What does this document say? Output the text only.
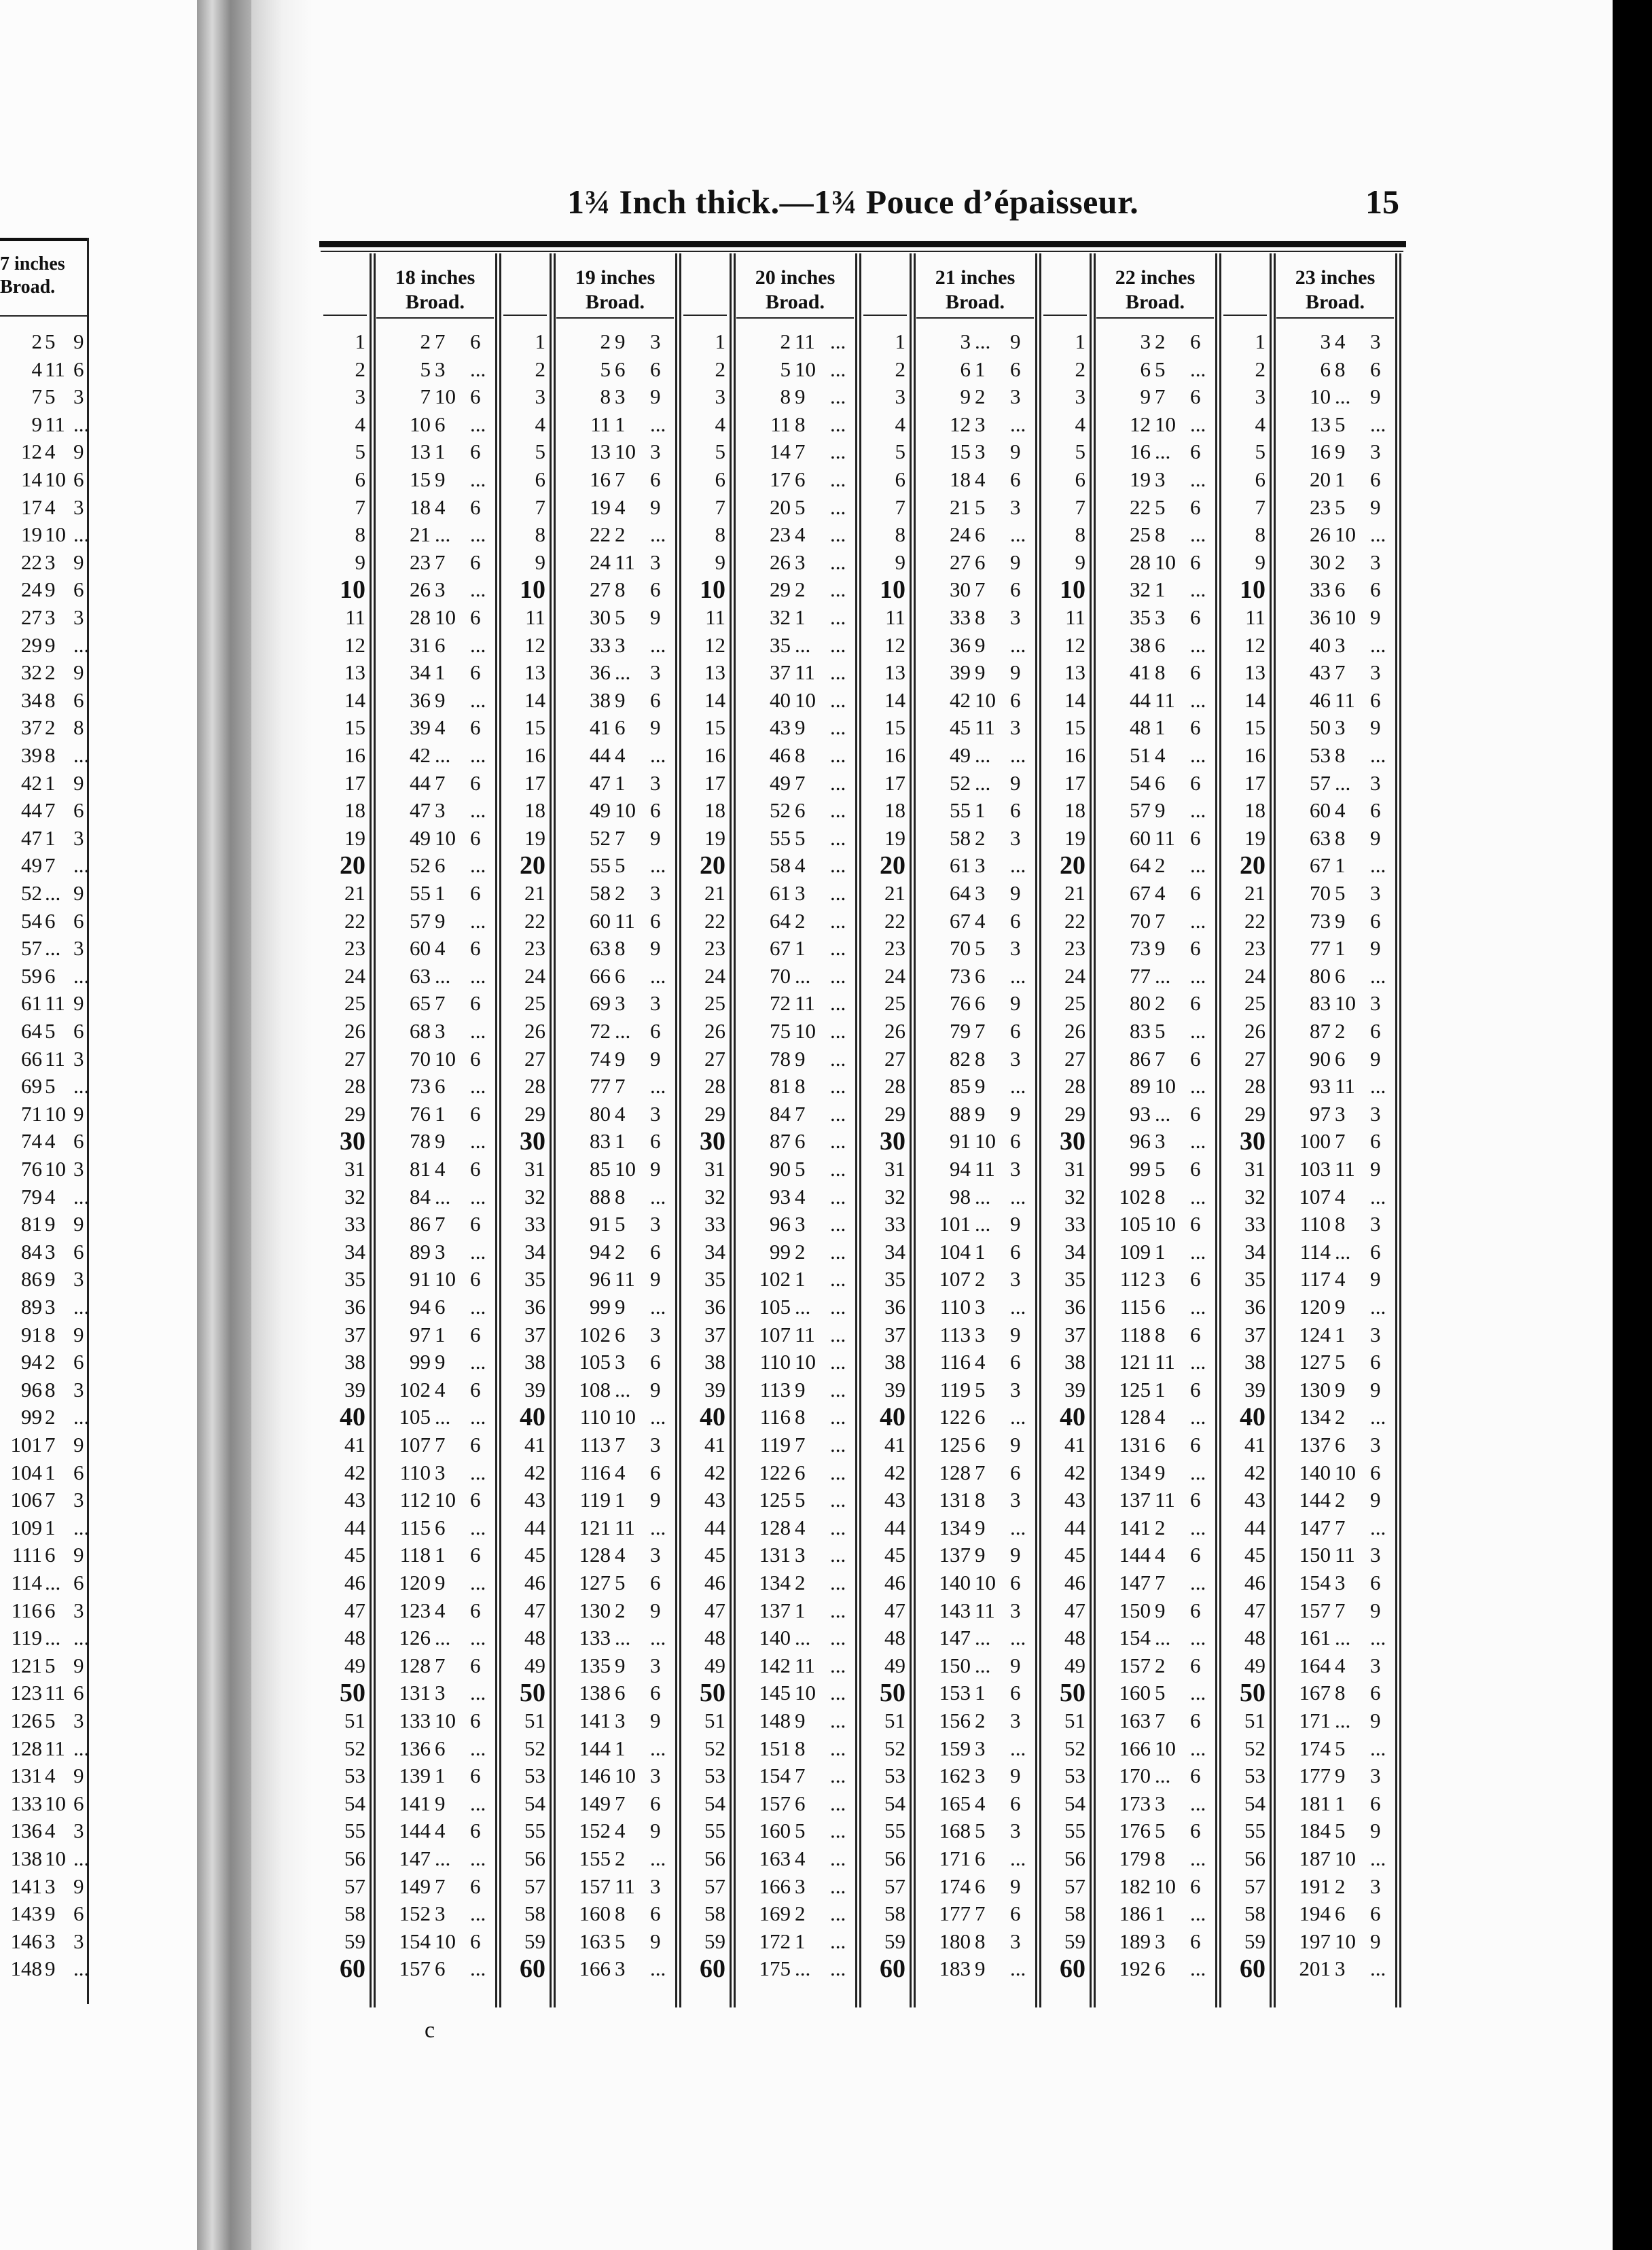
7 inches
Broad.
2 5 9
4 11 6
7 5 3
9 11 ...
12 4 9
14 10 6
17 4 3
19 10 ...
22 3 9
24 9 6
27 3 3
29 9 ...
32 2 9
34 8 6
37 2 8
39 8 ...
42 1 9
44 7 6
47 1 3
49 7 ...
52 ... 9
54 6 6
57 ... 3
59 6 ...
61 11 9
64 5 6
66 11 3
69 5 ...
71 10 9
74 4 6
76 10 3
79 4 ...
81 9 9
84 3 6
86 9 3
89 3 ...
91 8 9
94 2 6
96 8 3
99 2 ...
101 7 9
104 1 6
106 7 3
109 1 ...
111 6 9
114 ... 6
116 6 3
119 ... ...
121 5 9
123 11 6
126 5 3
128 11 ...
131 4 9
133 10 6
136 4 3
138 10 ...
141 3 9
143 9 6
146 3 3
148 9 ...
1¾ Inch thick.—1¾ Pouce d’épaisseur.	15
18 inches
Broad.
1	2 7 6
2	5 3 ...
3	7 10 6
4	10 6 ...
5	13 1 6
6	15 9 ...
7	18 4 6
8	21 ... ...
9	23 7 6
10	26 3 ...
11	28 10 6
12	31 6 ...
13	34 1 6
14	36 9 ...
15	39 4 6
16	42 ... ...
17	44 7 6
18	47 3 ...
19	49 10 6
20	52 6 ...
21	55 1 6
22	57 9 ...
23	60 4 6
24	63 ... ...
25	65 7 6
26	68 3 ...
27	70 10 6
28	73 6 ...
29	76 1 6
30	78 9 ...
31	81 4 6
32	84 ... ...
33	86 7 6
34	89 3 ...
35	91 10 6
36	94 6 ...
37	97 1 6
38	99 9 ...
39	102 4 6
40	105 ... ...
41	107 7 6
42	110 3 ...
43	112 10 6
44	115 6 ...
45	118 1 6
46	120 9 ...
47	123 4 6
48	126 ... ...
49	128 7 6
50	131 3 ...
51	133 10 6
52	136 6 ...
53	139 1 6
54	141 9 ...
55	144 4 6
56	147 ... ...
57	149 7 6
58	152 3 ...
59	154 10 6
60	157 6 ...
19 inches
Broad.
1	2 9 3
2	5 6 6
3	8 3 9
4	11 1 ...
5	13 10 3
6	16 7 6
7	19 4 9
8	22 2 ...
9	24 11 3
10	27 8 6
11	30 5 9
12	33 3 ...
13	36 ... 3
14	38 9 6
15	41 6 9
16	44 4 ...
17	47 1 3
18	49 10 6
19	52 7 9
20	55 5 ...
21	58 2 3
22	60 11 6
23	63 8 9
24	66 6 ...
25	69 3 3
26	72 ... 6
27	74 9 9
28	77 7 ...
29	80 4 3
30	83 1 6
31	85 10 9
32	88 8 ...
33	91 5 3
34	94 2 6
35	96 11 9
36	99 9 ...
37	102 6 3
38	105 3 6
39	108 ... 9
40	110 10 ...
41	113 7 3
42	116 4 6
43	119 1 9
44	121 11 ...
45	128 4 3
46	127 5 6
47	130 2 9
48	133 ... ...
49	135 9 3
50	138 6 6
51	141 3 9
52	144 1 ...
53	146 10 3
54	149 7 6
55	152 4 9
56	155 2 ...
57	157 11 3
58	160 8 6
59	163 5 9
60	166 3 ...
20 inches
Broad.
1	2 11 ...
2	5 10 ...
3	8 9 ...
4	11 8 ...
5	14 7 ...
6	17 6 ...
7	20 5 ...
8	23 4 ...
9	26 3 ...
10	29 2 ...
11	32 1 ...
12	35 ... ...
13	37 11 ...
14	40 10 ...
15	43 9 ...
16	46 8 ...
17	49 7 ...
18	52 6 ...
19	55 5 ...
20	58 4 ...
21	61 3 ...
22	64 2 ...
23	67 1 ...
24	70 ... ...
25	72 11 ...
26	75 10 ...
27	78 9 ...
28	81 8 ...
29	84 7 ...
30	87 6 ...
31	90 5 ...
32	93 4 ...
33	96 3 ...
34	99 2 ...
35	102 1 ...
36	105 ... ...
37	107 11 ...
38	110 10 ...
39	113 9 ...
40	116 8 ...
41	119 7 ...
42	122 6 ...
43	125 5 ...
44	128 4 ...
45	131 3 ...
46	134 2 ...
47	137 1 ...
48	140 ... ...
49	142 11 ...
50	145 10 ...
51	148 9 ...
52	151 8 ...
53	154 7 ...
54	157 6 ...
55	160 5 ...
56	163 4 ...
57	166 3 ...
58	169 2 ...
59	172 1 ...
60	175 ... ...
21 inches
Broad.
1	3 ... 9
2	6 1 6
3	9 2 3
4	12 3 ...
5	15 3 9
6	18 4 6
7	21 5 3
8	24 6 ...
9	27 6 9
10	30 7 6
11	33 8 3
12	36 9 ...
13	39 9 9
14	42 10 6
15	45 11 3
16	49 ... ...
17	52 ... 9
18	55 1 6
19	58 2 3
20	61 3 ...
21	64 3 9
22	67 4 6
23	70 5 3
24	73 6 ...
25	76 6 9
26	79 7 6
27	82 8 3
28	85 9 ...
29	88 9 9
30	91 10 6
31	94 11 3
32	98 ... ...
33	101 ... 9
34	104 1 6
35	107 2 3
36	110 3 ...
37	113 3 9
38	116 4 6
39	119 5 3
40	122 6 ...
41	125 6 9
42	128 7 6
43	131 8 3
44	134 9 ...
45	137 9 9
46	140 10 6
47	143 11 3
48	147 ... ...
49	150 ... 9
50	153 1 6
51	156 2 3
52	159 3 ...
53	162 3 9
54	165 4 6
55	168 5 3
56	171 6 ...
57	174 6 9
58	177 7 6
59	180 8 3
60	183 9 ...
22 inches
Broad.
1	3 2 6
2	6 5 ...
3	9 7 6
4	12 10 ...
5	16 ... 6
6	19 3 ...
7	22 5 6
8	25 8 ...
9	28 10 6
10	32 1 ...
11	35 3 6
12	38 6 ...
13	41 8 6
14	44 11 ...
15	48 1 6
16	51 4 ...
17	54 6 6
18	57 9 ...
19	60 11 6
20	64 2 ...
21	67 4 6
22	70 7 ...
23	73 9 6
24	77 ... ...
25	80 2 6
26	83 5 ...
27	86 7 6
28	89 10 ...
29	93 ... 6
30	96 3 ...
31	99 5 6
32	102 8 ...
33	105 10 6
34	109 1 ...
35	112 3 6
36	115 6 ...
37	118 8 6
38	121 11 ...
39	125 1 6
40	128 4 ...
41	131 6 6
42	134 9 ...
43	137 11 6
44	141 2 ...
45	144 4 6
46	147 7 ...
47	150 9 6
48	154 ... ...
49	157 2 6
50	160 5 ...
51	163 7 6
52	166 10 ...
53	170 ... 6
54	173 3 ...
55	176 5 6
56	179 8 ...
57	182 10 6
58	186 1 ...
59	189 3 6
60	192 6 ...
23 inches
Broad.
1	3 4 3
2	6 8 6
3	10 ... 9
4	13 5 ...
5	16 9 3
6	20 1 6
7	23 5 9
8	26 10 ...
9	30 2 3
10	33 6 6
11	36 10 9
12	40 3 ...
13	43 7 3
14	46 11 6
15	50 3 9
16	53 8 ...
17	57 ... 3
18	60 4 6
19	63 8 9
20	67 1 ...
21	70 5 3
22	73 9 6
23	77 1 9
24	80 6 ...
25	83 10 3
26	87 2 6
27	90 6 9
28	93 11 ...
29	97 3 3
30	100 7 6
31	103 11 9
32	107 4 ...
33	110 8 3
34	114 ... 6
35	117 4 9
36	120 9 ...
37	124 1 3
38	127 5 6
39	130 9 9
40	134 2 ...
41	137 6 3
42	140 10 6
43	144 2 9
44	147 7 ...
45	150 11 3
46	154 3 6
47	157 7 9
48	161 ... ...
49	164 4 3
50	167 8 6
51	171 ... 9
52	174 5 ...
53	177 9 3
54	181 1 6
55	184 5 9
56	187 10 ...
57	191 2 3
58	194 6 6
59	197 10 9
60	201 3 ...
c
